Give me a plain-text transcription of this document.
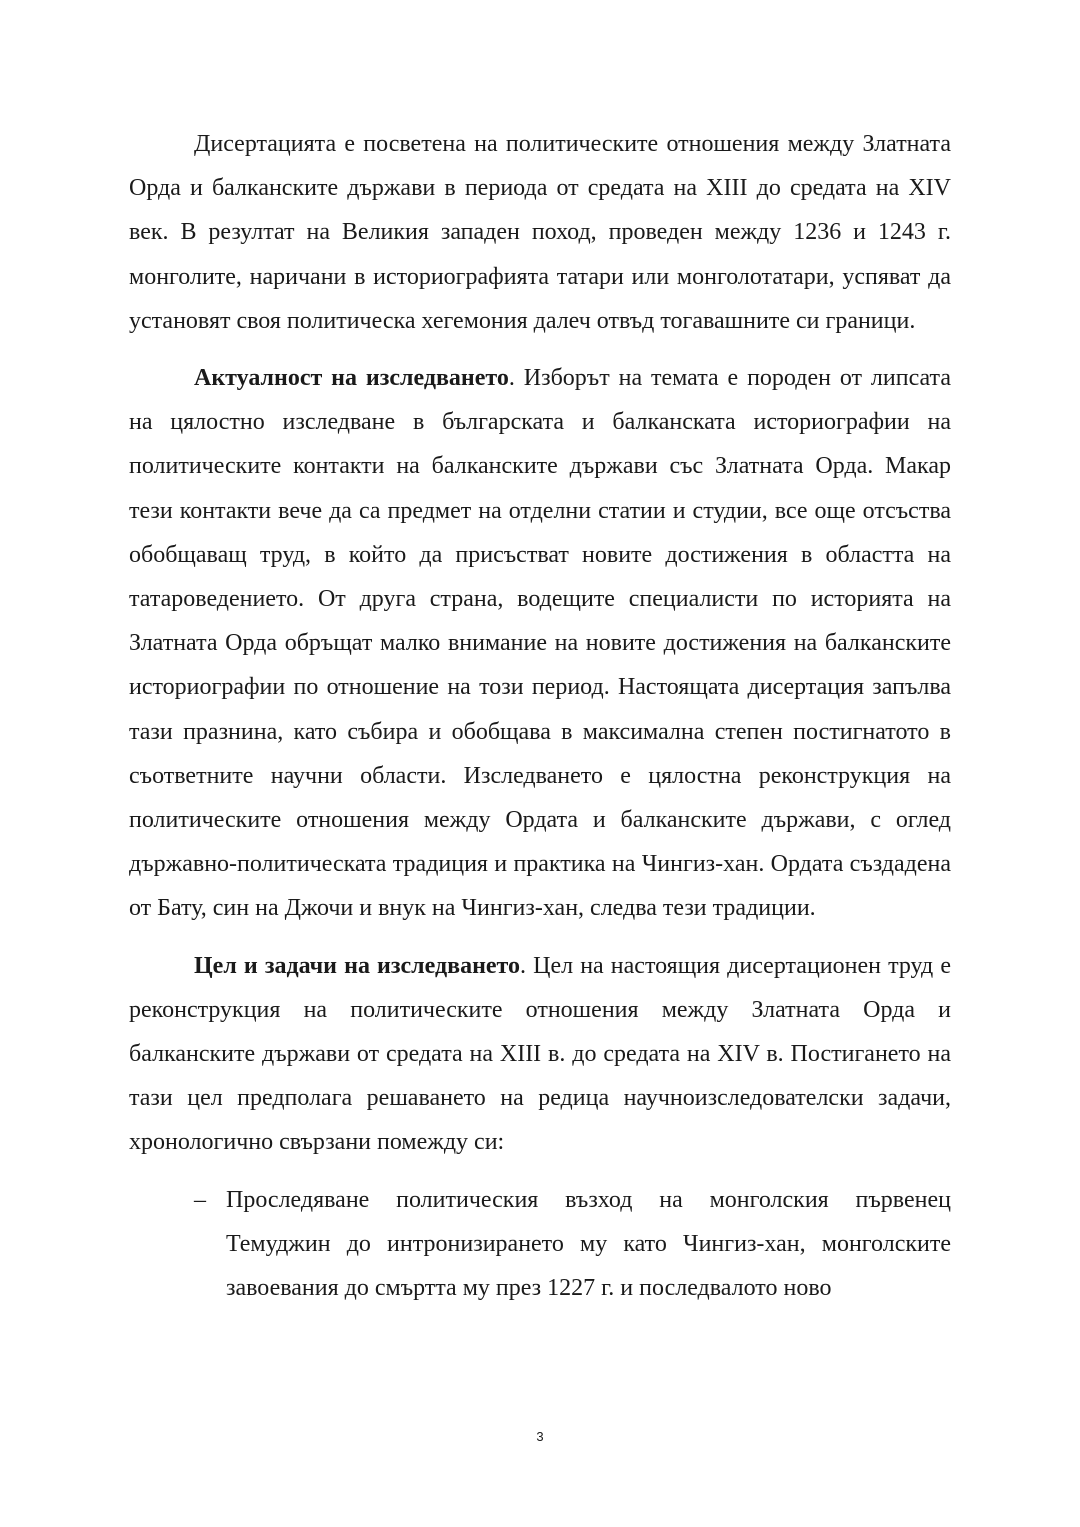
Дисертацията е посветена на политическите отношения между Златната Орда и балканските държави в периода от средата на XIII до средата на XIV век. В резултат на Великия западен поход, проведен между 1236 и 1243 г. монголите, наричани в историографията татари или монголотатари, успяват да установят своя политическа хегемония далеч отвъд тогавашните си граници.

Актуалност на изследването. Изборът на темата е породен от липсата на цялостно изследване в българската и балканската историографии на политическите контакти на балканските държави със Златната Орда. Макар тези контакти вече да са предмет на отделни статии и студии, все още отсъства обобщаващ труд, в който да присъстват новите достижения в областта на татароведението. От друга страна, водещите специалисти по историята на Златната Орда обръщат малко внимание на новите достижения на балканските историографии по отношение на този период. Настоящата дисертация запълва тази празнина, като събира и обобщава в максимална степен постигнатото в съответните научни области. Изследването е цялостна реконструкция на политическите отношения между Ордата и балканските държави, с оглед държавно-политическата традиция и практика на Чингиз-хан. Ордата създадена от Бату, син на Джочи и внук на Чингиз-хан, следва тези традиции.

Цел и задачи на изследването. Цел на настоящия дисертационен труд е реконструкция на политическите отношения между Златната Орда и балканските държави от средата на XIII в. до средата на XIV в. Постигането на тази цел предполага решаването на редица научноизследователски задачи, хронологично свързани помежду си:

– Проследяване политическия възход на монголския първенец Темуджин до интронизирането му като Чингиз-хан, монголските завоевания до смъртта му през 1227 г. и последвалото ново
3
